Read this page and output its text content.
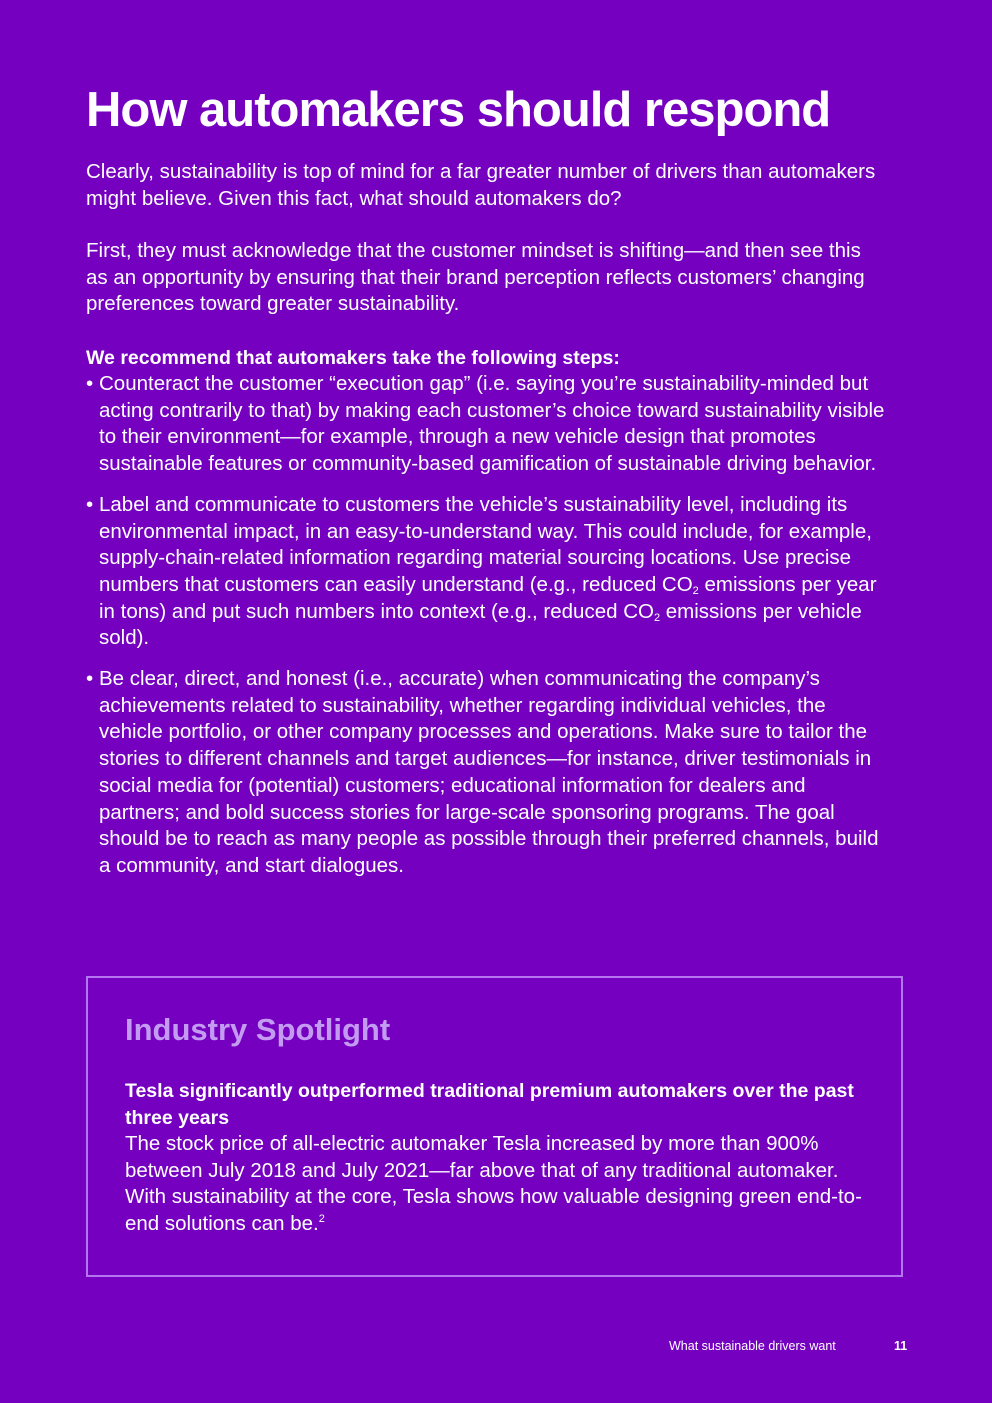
How automakers should respond

Clearly, sustainability is top of mind for a far greater number of drivers than automakers might believe. Given this fact, what should automakers do?

First, they must acknowledge that the customer mindset is shifting—and then see this as an opportunity by ensuring that their brand perception reflects customers’ changing preferences toward greater sustainability.

We recommend that automakers take the following steps:

• Counteract the customer “execution gap” (i.e. saying you’re sustainability-minded but acting contrarily to that) by making each customer’s choice toward sustainability visible to their environment—for example, through a new vehicle design that promotes sustainable features or community-based gamification of sustainable driving behavior.
• Label and communicate to customers the vehicle’s sustainability level, including its environmental impact, in an easy-to-understand way. This could include, for example, supply-chain-related information regarding material sourcing locations. Use precise numbers that customers can easily understand (e.g., reduced $CO_2$ emissions per year in tons) and put such numbers into context (e.g., reduced $CO_2$ emissions per vehicle sold).
• Be clear, direct, and honest (i.e., accurate) when communicating the company’s achievements related to sustainability, whether regarding individual vehicles, the vehicle portfolio, or other company processes and operations. Make sure to tailor the stories to different channels and target audiences—for instance, driver testimonials in social media for (potential) customers; educational information for dealers and partners; and bold success stories for large-scale sponsoring programs. The goal should be to reach as many people as possible through their preferred channels, build a community, and start dialogues.
Industry Spotlight

Tesla significantly outperformed traditional premium automakers over the past three years

The stock price of all-electric automaker Tesla increased by more than 900% between July 2018 and July 2021—far above that of any traditional automaker. With sustainability at the core, Tesla shows how valuable designing green end-to-end solutions can be.$^2$

What sustainable drivers want	11
